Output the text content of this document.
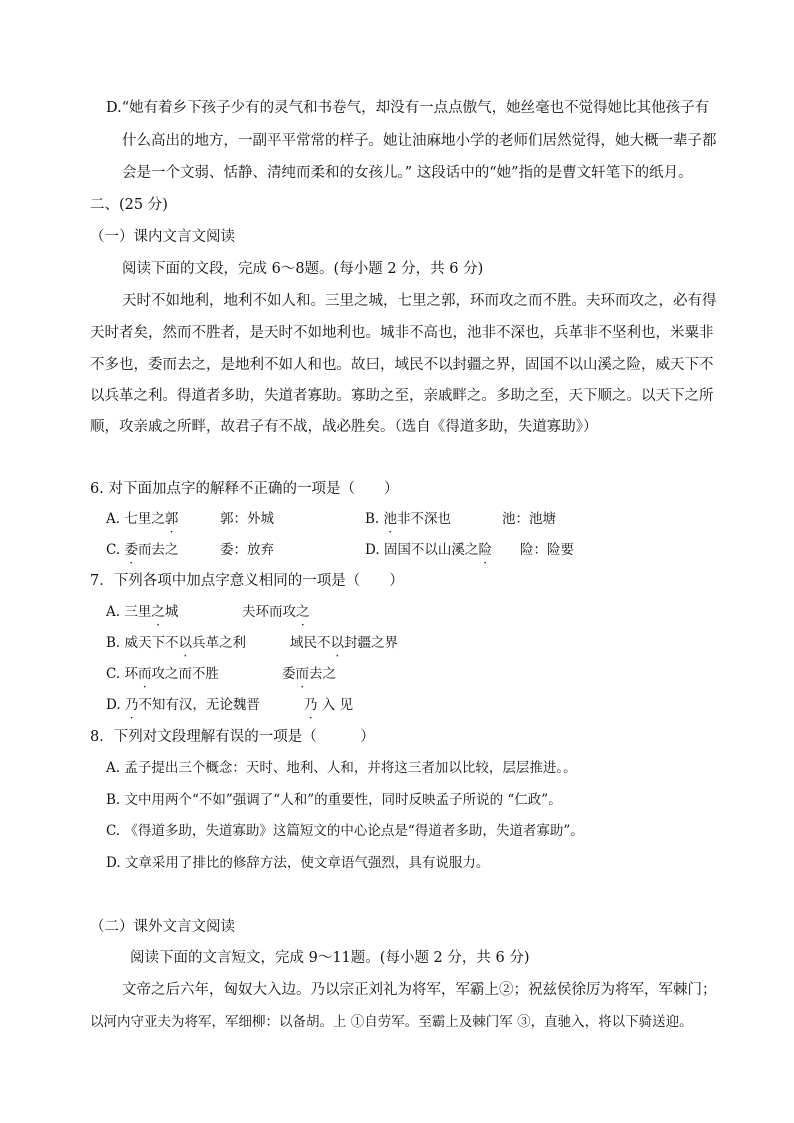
D.“她有着乡下孩子少有的灵气和书卷气，却没有一点点傲气，她丝毫也不觉得她比其他孩子有
什么高出的地方，一副平平常常的样子。她让油麻地小学的老师们居然觉得，她大概一辈子都
会是一个文弱、恬静、清纯而柔和的女孩儿。” 这段话中的“她”指的是曹文轩笔下的纸月。
二、(25 分)
（一）课内文言文阅读
阅读下面的文段，完成 6～8题。(每小题 2 分，共 6 分)
天时不如地利，地利不如人和。三里之城，七里之郭，环而攻之而不胜。夫环而攻之，必有得
天时者矣，然而不胜者，是天时不如地利也。城非不高也，池非不深也，兵革非不坚利也，米粟非
不多也，委而去之，是地利不如人和也。故曰，域民不以封疆之界，固国不以山溪之险，威天下不
以兵革之利。得道者多助，失道者寡助。寡助之至，亲戚畔之。多助之至，天下顺之。以天下之所
顺，攻亲戚之所畔，故君子有不战，战必胜矣。（选自《得道多助，失道寡助》）
6. 对下面加点字的解释不正确的一项是（　　）
A. 七里之郭	郭：外城	B. 池非不深也	池：池塘
C. 委而去之	委：放弃	D. 固国不以山溪之险 险：险要
7．下列各项中加点字意义相同的一项是（　　）
A. 三里之城	夫环而攻之
B. 威天下不以兵革之利	域民不以封疆之界
C. 环而攻之而不胜	委而去之
D. 乃不知有汉，无论魏晋	乃 入 见
8．下列对文段理解有误的一项是（　　　）
A. 孟子提出三个概念：天时、地利、人和，并将这三者加以比较，层层推进。。
B. 文中用两个“不如”强调了“人和”的重要性，同时反映孟子所说的 “仁政”。
C. 《得道多助，失道寡助》这篇短文的中心论点是“得道者多助，失道者寡助”。
D. 文章采用了排比的修辞方法，使文章语气强烈，具有说服力。
（二）课外文言文阅读
阅读下面的文言短文，完成 9～11题。(每小题 2 分，共 6 分)
文帝之后六年，匈奴大入边。乃以宗正刘礼为将军，军霸上②；祝兹侯徐厉为将军，军棘门；
以河内守亚夫为将军，军细柳：以备胡。上 ①自劳军。至霸上及棘门军 ③，直驰入，将以下骑送迎。
